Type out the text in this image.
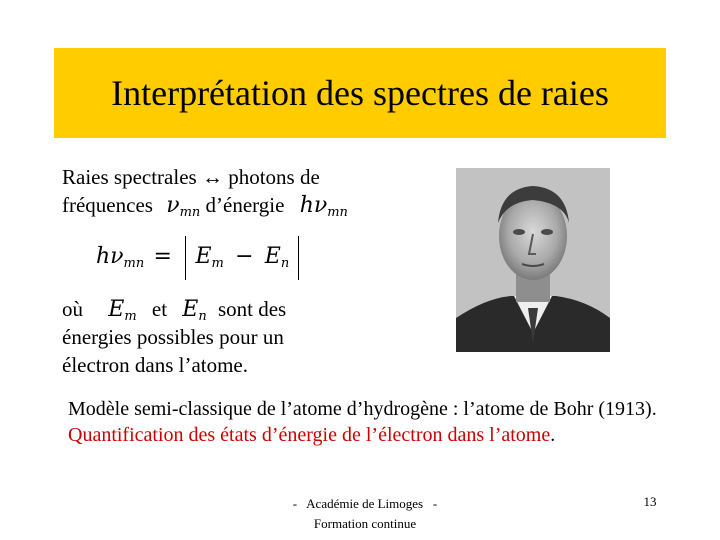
Interprétation des spectres de raies
Raies spectrales ↔ photons de
fréquences $\nu_{mn}$ d’énergie $h\nu_{mn}$
$h\nu_{mn} = E_m - E_n$
où $E_m$ et $E_n$ sont des
énergies possibles pour un
électron dans l’atome.
Modèle semi-classique de l’atome d’hydrogène : l’atome de Bohr (1913). Quantification des états d’énergie de l’électron dans l’atome.
- Académie de Limoges -
Formation continue
13
